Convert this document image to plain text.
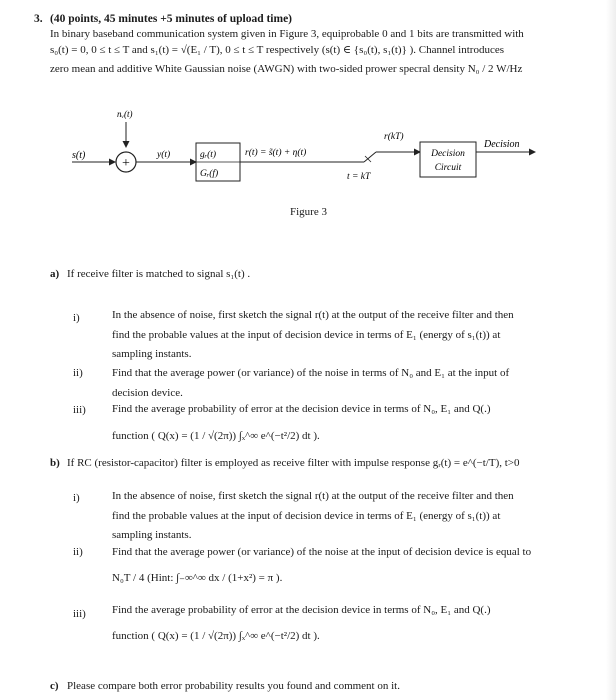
3. (40 points, 45 minutes +5 minutes of upload time)
In binary baseband communication system given in Figure 3, equiprobable 0 and 1 bits are transmitted with
s₀(t) = 0, 0 ≤ t ≤ T and s₁(t) = √(E₁ / T), 0 ≤ t ≤ T respectively (s(t) ∈ {s₀(t), s₁(t)} ). Channel introduces
zero mean and additive White Gaussian noise (AWGN) with two-sided prower specral density N₀ / 2 W/Hz
nᵥ(t)
s(t)
+
y(t)	gᵣ(t)
Gᵣ(f)
r(t) = s̃(t) + η(t)
t = kT
r(kT)
Decision
Circuit
Decision
Figure 3
a) If receive filter is matched to signal s₁(t) .
i)	In the absence of noise, first sketch the signal r(t) at the output of the receive filter and then
find the probable values at the input of decision device in terms of E₁ (energy of s₁(t)) at
sampling instants.
ii)	Find that the average power (or variance) of the noise in terms of N₀ and E₁ at the input of
decision device.
iii) Find the average probability of error at the decision device in terms of N₀, E₁ and Q(.)
function ( Q(x) = (1 / √(2π)) ∫ₓ^∞ e^(−t²/2) dt ).
b) If RC (resistor-capacitor) filter is employed as receive filter with impulse response gᵣ(t) = e^(−t/T), t>0
i)	In the absence of noise, first sketch the signal r(t) at the output of the receive filter and then
find the probable values at the input of decision device in terms of E₁ (energy of s₁(t)) at
sampling instants.
ii)	Find that the average power (or variance) of the noise at the input of decision device is equal to
N₀T / 4 (Hint: ∫₋∞^∞ dx / (1+x²) = π ).
iii) Find the average probability of error at the decision device in terms of N₀, E₁ and Q(.)
function ( Q(x) = (1 / √(2π)) ∫ₓ^∞ e^(−t²/2) dt ).
c) Please compare both error probability results you found and comment on it.
